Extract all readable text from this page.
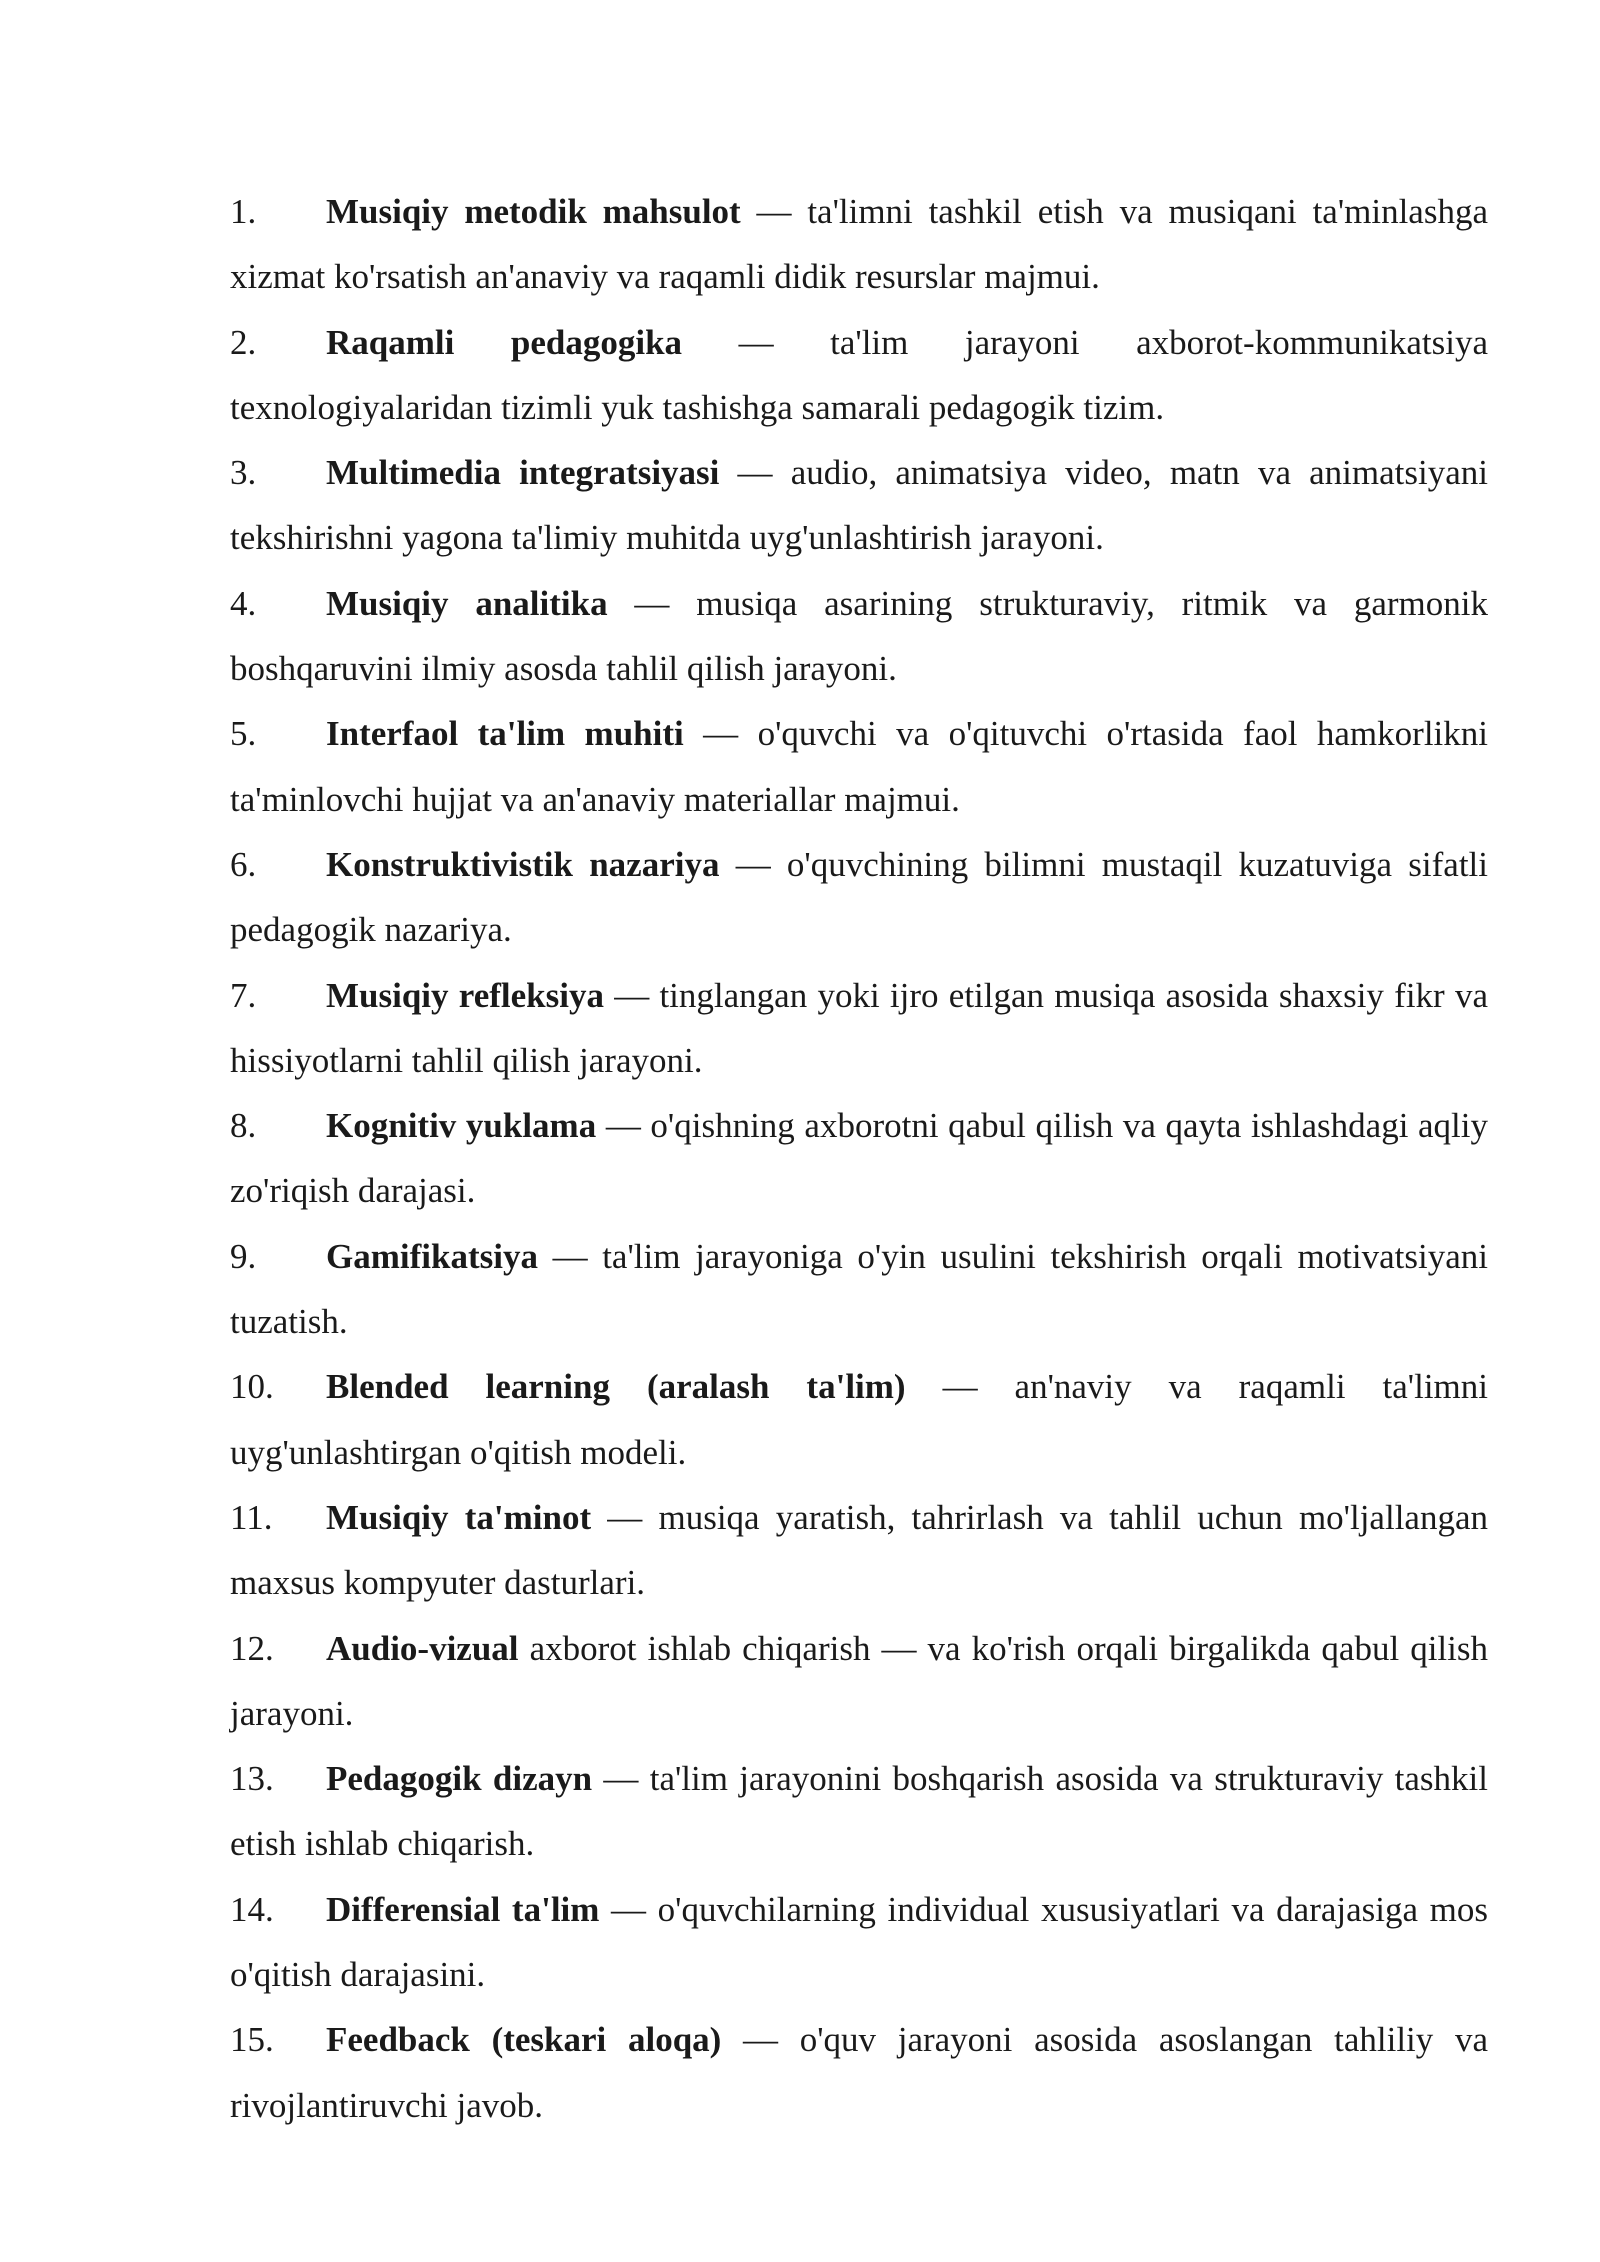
1. Musiqiy metodik mahsulot — ta'limni tashkil etish va musiqani ta'minlashga xizmat ko'rsatish an'anaviy va raqamli didik resurslar majmui.

2. Raqamli pedagogika — ta'lim jarayoni axborot-kommunikatsiya texnologiyalaridan tizimli yuk tashishga samarali pedagogik tizim.

3. Multimedia integratsiyasi — audio, animatsiya video, matn va animatsiyani tekshirishni yagona ta'limiy muhitda uyg'unlashtirish jarayoni.

4. Musiqiy analitika — musiqa asarining strukturaviy, ritmik va garmonik boshqaruvini ilmiy asosda tahlil qilish jarayoni.

5. Interfaol ta'lim muhiti — o'quvchi va o'qituvchi o'rtasida faol hamkorlikni ta'minlovchi hujjat va an'anaviy materiallar majmui.

6. Konstruktivistik nazariya — o'quvchining bilimni mustaqil kuzatuviga sifatli pedagogik nazariya.

7. Musiqiy refleksiya — tinglangan yoki ijro etilgan musiqa asosida shaxsiy fikr va hissiyotlarni tahlil qilish jarayoni.

8. Kognitiv yuklama — o'qishning axborotni qabul qilish va qayta ishlashdagi aqliy zo'riqish darajasi.

9. Gamifikatsiya — ta'lim jarayoniga o'yin usulini tekshirish orqali motivatsiyani tuzatish.

10. Blended learning (aralash ta'lim) — an'naviy va raqamli ta'limni uyg'unlashtirgan o'qitish modeli.

11. Musiqiy ta'minot — musiqa yaratish, tahrirlash va tahlil uchun mo'ljallangan maxsus kompyuter dasturlari.

12. Audio-vizual axborot ishlab chiqarish — va ko'rish orqali birgalikda qabul qilish jarayoni.

13. Pedagogik dizayn — ta'lim jarayonini boshqarish asosida va strukturaviy tashkil etish ishlab chiqarish.

14. Differensial ta'lim — o'quvchilarning individual xususiyatlari va darajasiga mos o'qitish darajasini.

15. Feedback (teskari aloqa) — o'quv jarayoni asosida asoslangan tahliliy va rivojlantiruvchi javob.
